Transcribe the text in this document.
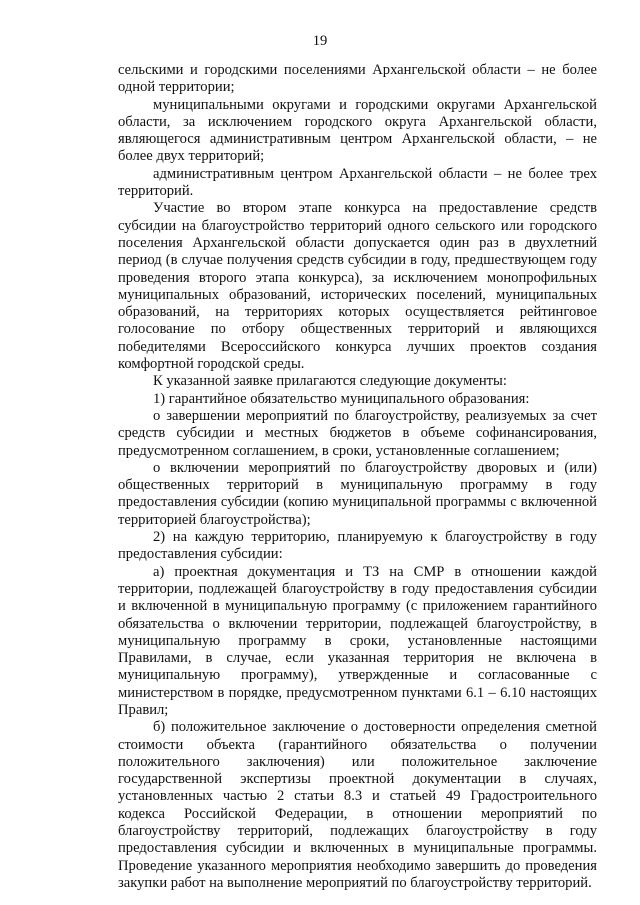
19

сельскими и городскими поселениями Архангельской области – не более одной территории;

муниципальными округами и городскими округами Архангельской области, за исключением городского округа Архангельской области, являющегося административным центром Архангельской области, – не более двух территорий;

административным центром Архангельской области – не более трех территорий.

Участие во втором этапе конкурса на предоставление средств субсидии на благоустройство территорий одного сельского или городского поселения Архангельской области допускается один раз в двухлетний период (в случае получения средств субсидии в году, предшествующем году проведения второго этапа конкурса), за исключением монопрофильных муниципальных образований, исторических поселений, муниципальных образований, на территориях которых осуществляется рейтинговое голосование по отбору общественных территорий и являющихся победителями Всероссийского конкурса лучших проектов создания комфортной городской среды.

К указанной заявке прилагаются следующие документы:

1) гарантийное обязательство муниципального образования:

о завершении мероприятий по благоустройству, реализуемых за счет средств субсидии и местных бюджетов в объеме софинансирования, предусмотренном соглашением, в сроки, установленные соглашением;

о включении мероприятий по благоустройству дворовых и (или) общественных территорий в муниципальную программу в году предоставления субсидии (копию муниципальной программы с включенной территорией благоустройства);

2) на каждую территорию, планируемую к благоустройству в году предоставления субсидии:

а) проектная документация и ТЗ на СМР в отношении каждой территории, подлежащей благоустройству в году предоставления субсидии и включенной в муниципальную программу (с приложением гарантийного обязательства о включении территории, подлежащей благоустройству, в муниципальную программу в сроки, установленные настоящими Правилами, в случае, если указанная территория не включена в муниципальную программу), утвержденные и согласованные с министерством в порядке, предусмотренном пунктами 6.1 – 6.10 настоящих Правил;

б) положительное заключение о достоверности определения сметной стоимости объекта (гарантийного обязательства о получении положительного заключения) или положительное заключение государственной экспертизы проектной документации в случаях, установленных частью 2 статьи 8.3 и статьей 49 Градостроительного кодекса Российской Федерации, в отношении мероприятий по благоустройству территорий, подлежащих благоустройству в году предоставления субсидии и включенных в муниципальные программы. Проведение указанного мероприятия необходимо завершить до проведения закупки работ на выполнение мероприятий по благоустройству территорий.
